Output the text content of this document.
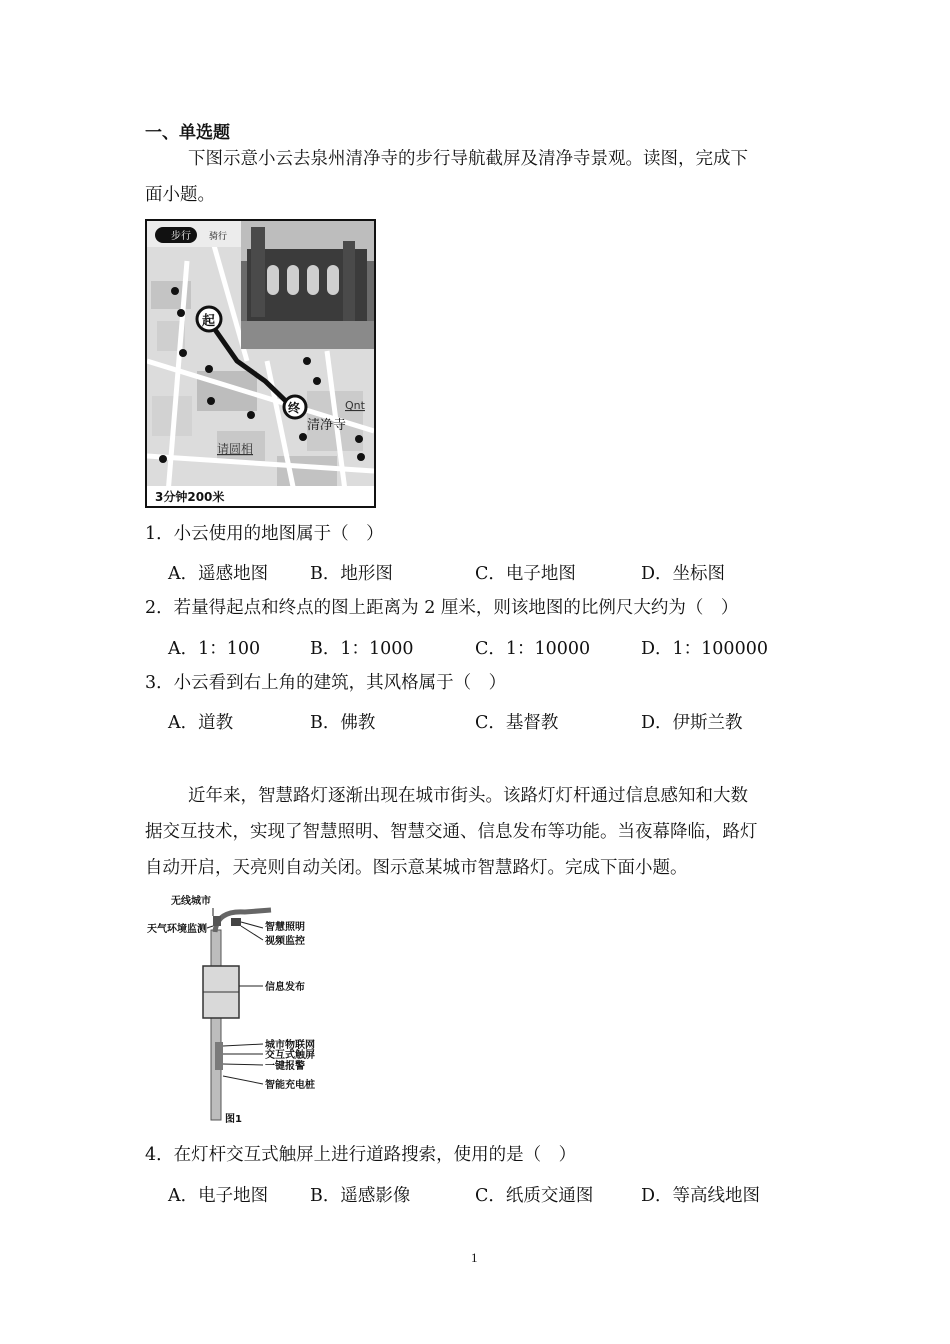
一、单选题
下图示意小云去泉州清净寺的步行导航截屏及清净寺景观。读图，完成下
面小题。
步行 骑行
起
终
清净寺
Qnt
请圆相
3分钟200米
1．小云使用的地图属于（　）
A．遥感地图 B．地形图	C．电子地图	D．坐标图
2．若量得起点和终点的图上距离为 2 厘米，则该地图的比例尺大约为（　）
A．1：100	B．1：1000	C．1：10000	D．1：100000
3．小云看到右上角的建筑，其风格属于（　）
A．道教	B．佛教	C．基督教	D．伊斯兰教
近年来，智慧路灯逐渐出现在城市街头。该路灯灯杆通过信息感知和大数
据交互技术，实现了智慧照明、智慧交通、信息发布等功能。当夜幕降临，路灯
自动开启，天亮则自动关闭。图示意某城市智慧路灯。完成下面小题。
无线城市
天气环境监测	智慧照明
视频监控
信息发布
城市物联网
交互式触屏
一键报警
智能充电桩
图1
4．在灯杆交互式触屏上进行道路搜索，使用的是（　）
A．电子地图 B．遥感影像	C．纸质交通图	D．等高线地图
1
